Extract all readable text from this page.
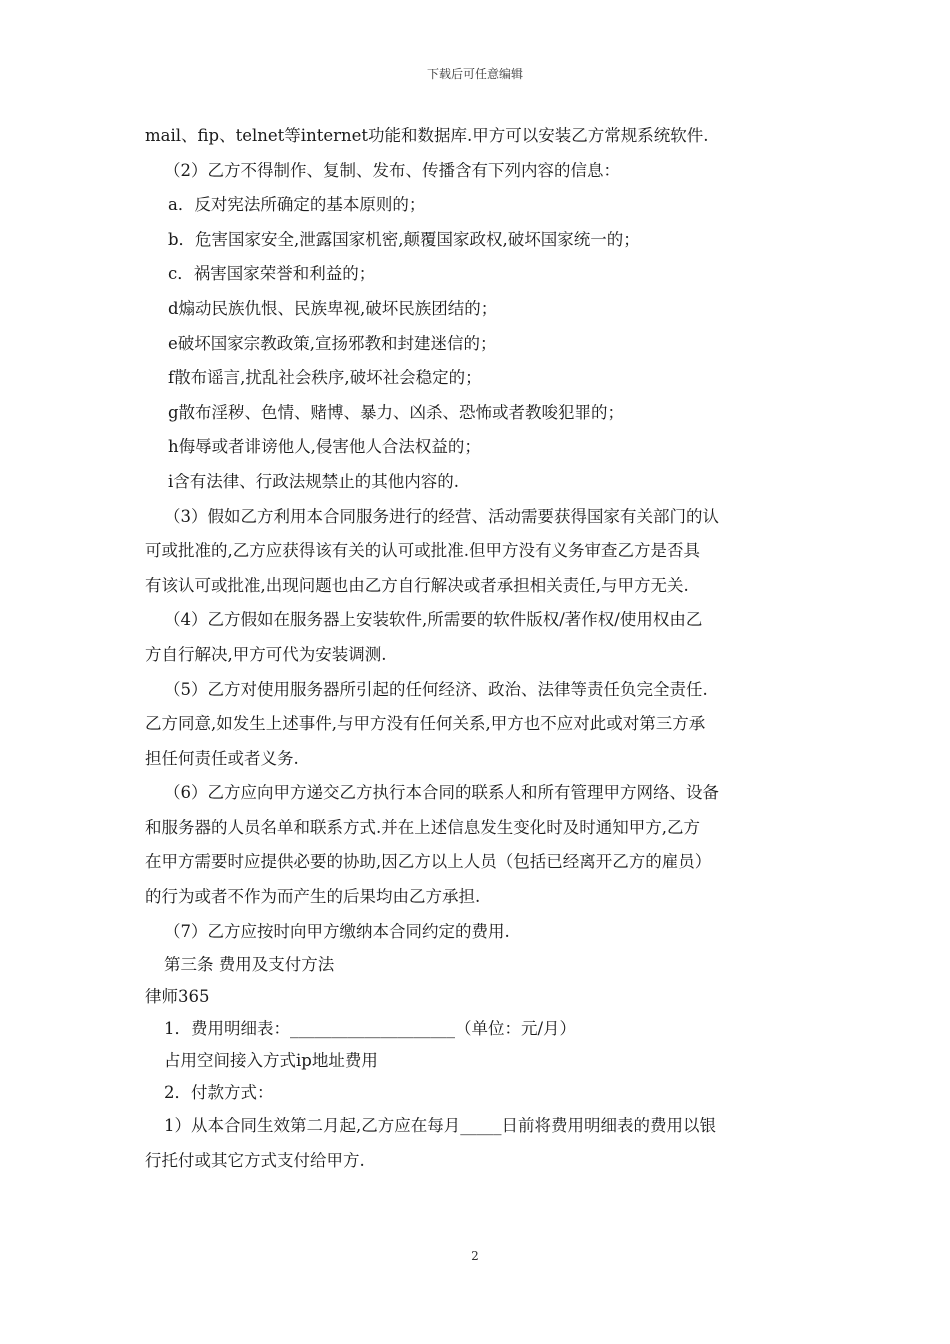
下载后可任意编辑
mail、fip、telnet等internet功能和数据库.甲方可以安装乙方常规系统软件.
（2）乙方不得制作、复制、发布、传播含有下列内容的信息：
a．反对宪法所确定的基本原则的；
b．危害国家安全,泄露国家机密,颠覆国家政权,破坏国家统一的；
c．祸害国家荣誉和利益的；
d煽动民族仇恨、民族卑视,破坏民族团结的；
e破坏国家宗教政策,宣扬邪教和封建迷信的；
f散布谣言,扰乱社会秩序,破坏社会稳定的；
g散布淫秽、色情、赌博、暴力、凶杀、恐怖或者教唆犯罪的；
h侮辱或者诽谤他人,侵害他人合法权益的；
i含有法律、行政法规禁止的其他内容的.
（3）假如乙方利用本合同服务进行的经营、活动需要获得国家有关部门的认
可或批准的,乙方应获得该有关的认可或批准.但甲方没有义务审查乙方是否具
有该认可或批准,出现问题也由乙方自行解决或者承担相关责任,与甲方无关.
（4）乙方假如在服务器上安装软件,所需要的软件版权/著作权/使用权由乙
方自行解决,甲方可代为安装调测.
（5）乙方对使用服务器所引起的任何经济、政治、法律等责任负完全责任.
乙方同意,如发生上述事件,与甲方没有任何关系,甲方也不应对此或对第三方承
担任何责任或者义务.
（6）乙方应向甲方递交乙方执行本合同的联系人和所有管理甲方网络、设备
和服务器的人员名单和联系方式.并在上述信息发生变化时及时通知甲方,乙方
在甲方需要时应提供必要的协助,因乙方以上人员（包括已经离开乙方的雇员）
的行为或者不作为而产生的后果均由乙方承担.
（7）乙方应按时向甲方缴纳本合同约定的费用.
第三条 费用及支付方法
律师365
1．费用明细表：____________________（单位：元/月）
占用空间接入方式ip地址费用
2．付款方式：
1）从本合同生效第二月起,乙方应在每月_____日前将费用明细表的费用以银
行托付或其它方式支付给甲方.
2
